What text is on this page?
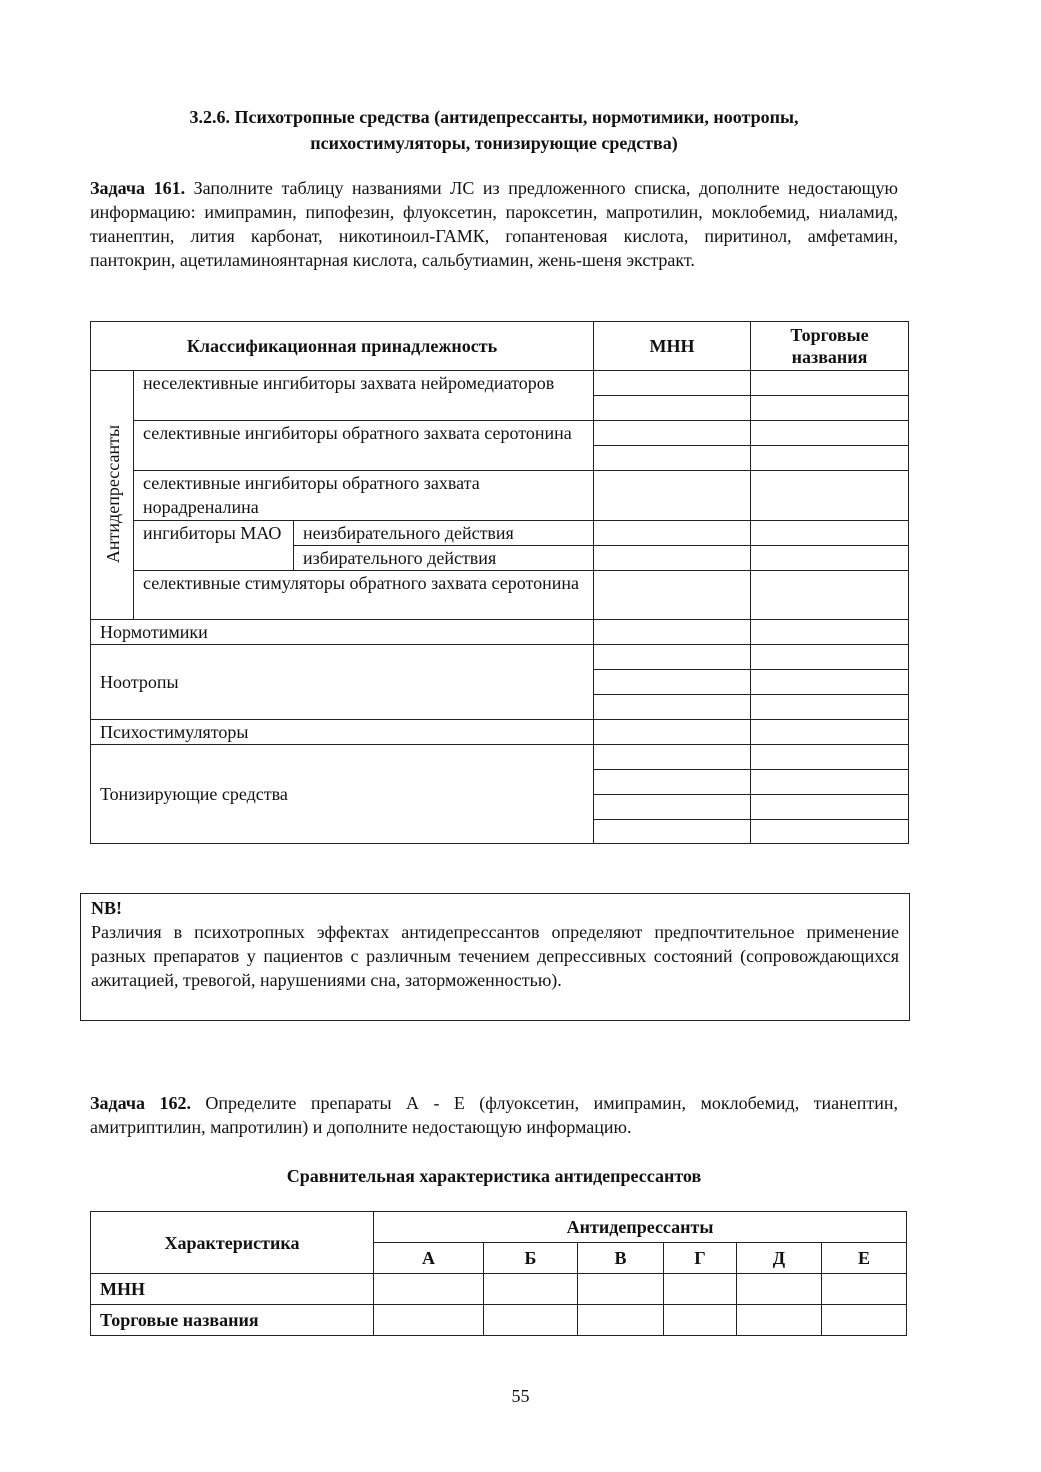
3.2.6. Психотропные средства (антидепрессанты, нормотимики, ноотропы,
психостимуляторы, тонизирующие средства)
Задача 161. Заполните таблицу названиями ЛС из предложенного списка, дополните недостающую информацию: имипрамин, пипофезин, флуоксетин, пароксетин, мапротилин, моклобемид, ниаламид, тианептин, лития карбонат, никотиноил-ГАМК, гопантеновая кислота, пиритинол, амфетамин, пантокрин, ацетиламиноянтарная кислота, сальбутиамин, жень-шеня экстракт.
Классификационная принадлежность			МНН	Торговые названия

Антидепрессанты	неселективные ингибиторы захвата нейромедиаторов			

	селективные ингибиторы обратного захвата серотонина			

	селективные ингибиторы обратного захвата норадреналина			

	ингибиторы МАО	неизбирательного действия		
		избирательного действия		
	селективные стимуляторы обратного захвата серотонина			

Нормотимики				
Ноотропы				

Психостимуляторы				
Тонизирующие средства				

NB!
Различия в психотропных эффектах антидепрессантов определяют предпочтительное применение разных препаратов у пациентов с различным течением депрессивных состояний (сопровождающихся ажитацией, тревогой, нарушениями сна, заторможенностью).
Задача 162. Определите препараты А - Е (флуоксетин, имипрамин, моклобемид, тианептин, амитриптилин, мапротилин) и дополните недостающую информацию.
Сравнительная характеристика антидепрессантов
Характеристика	Антидепрессанты					
	А	Б	В	Г	Д	Е
МНН						
Торговые названия						
55
